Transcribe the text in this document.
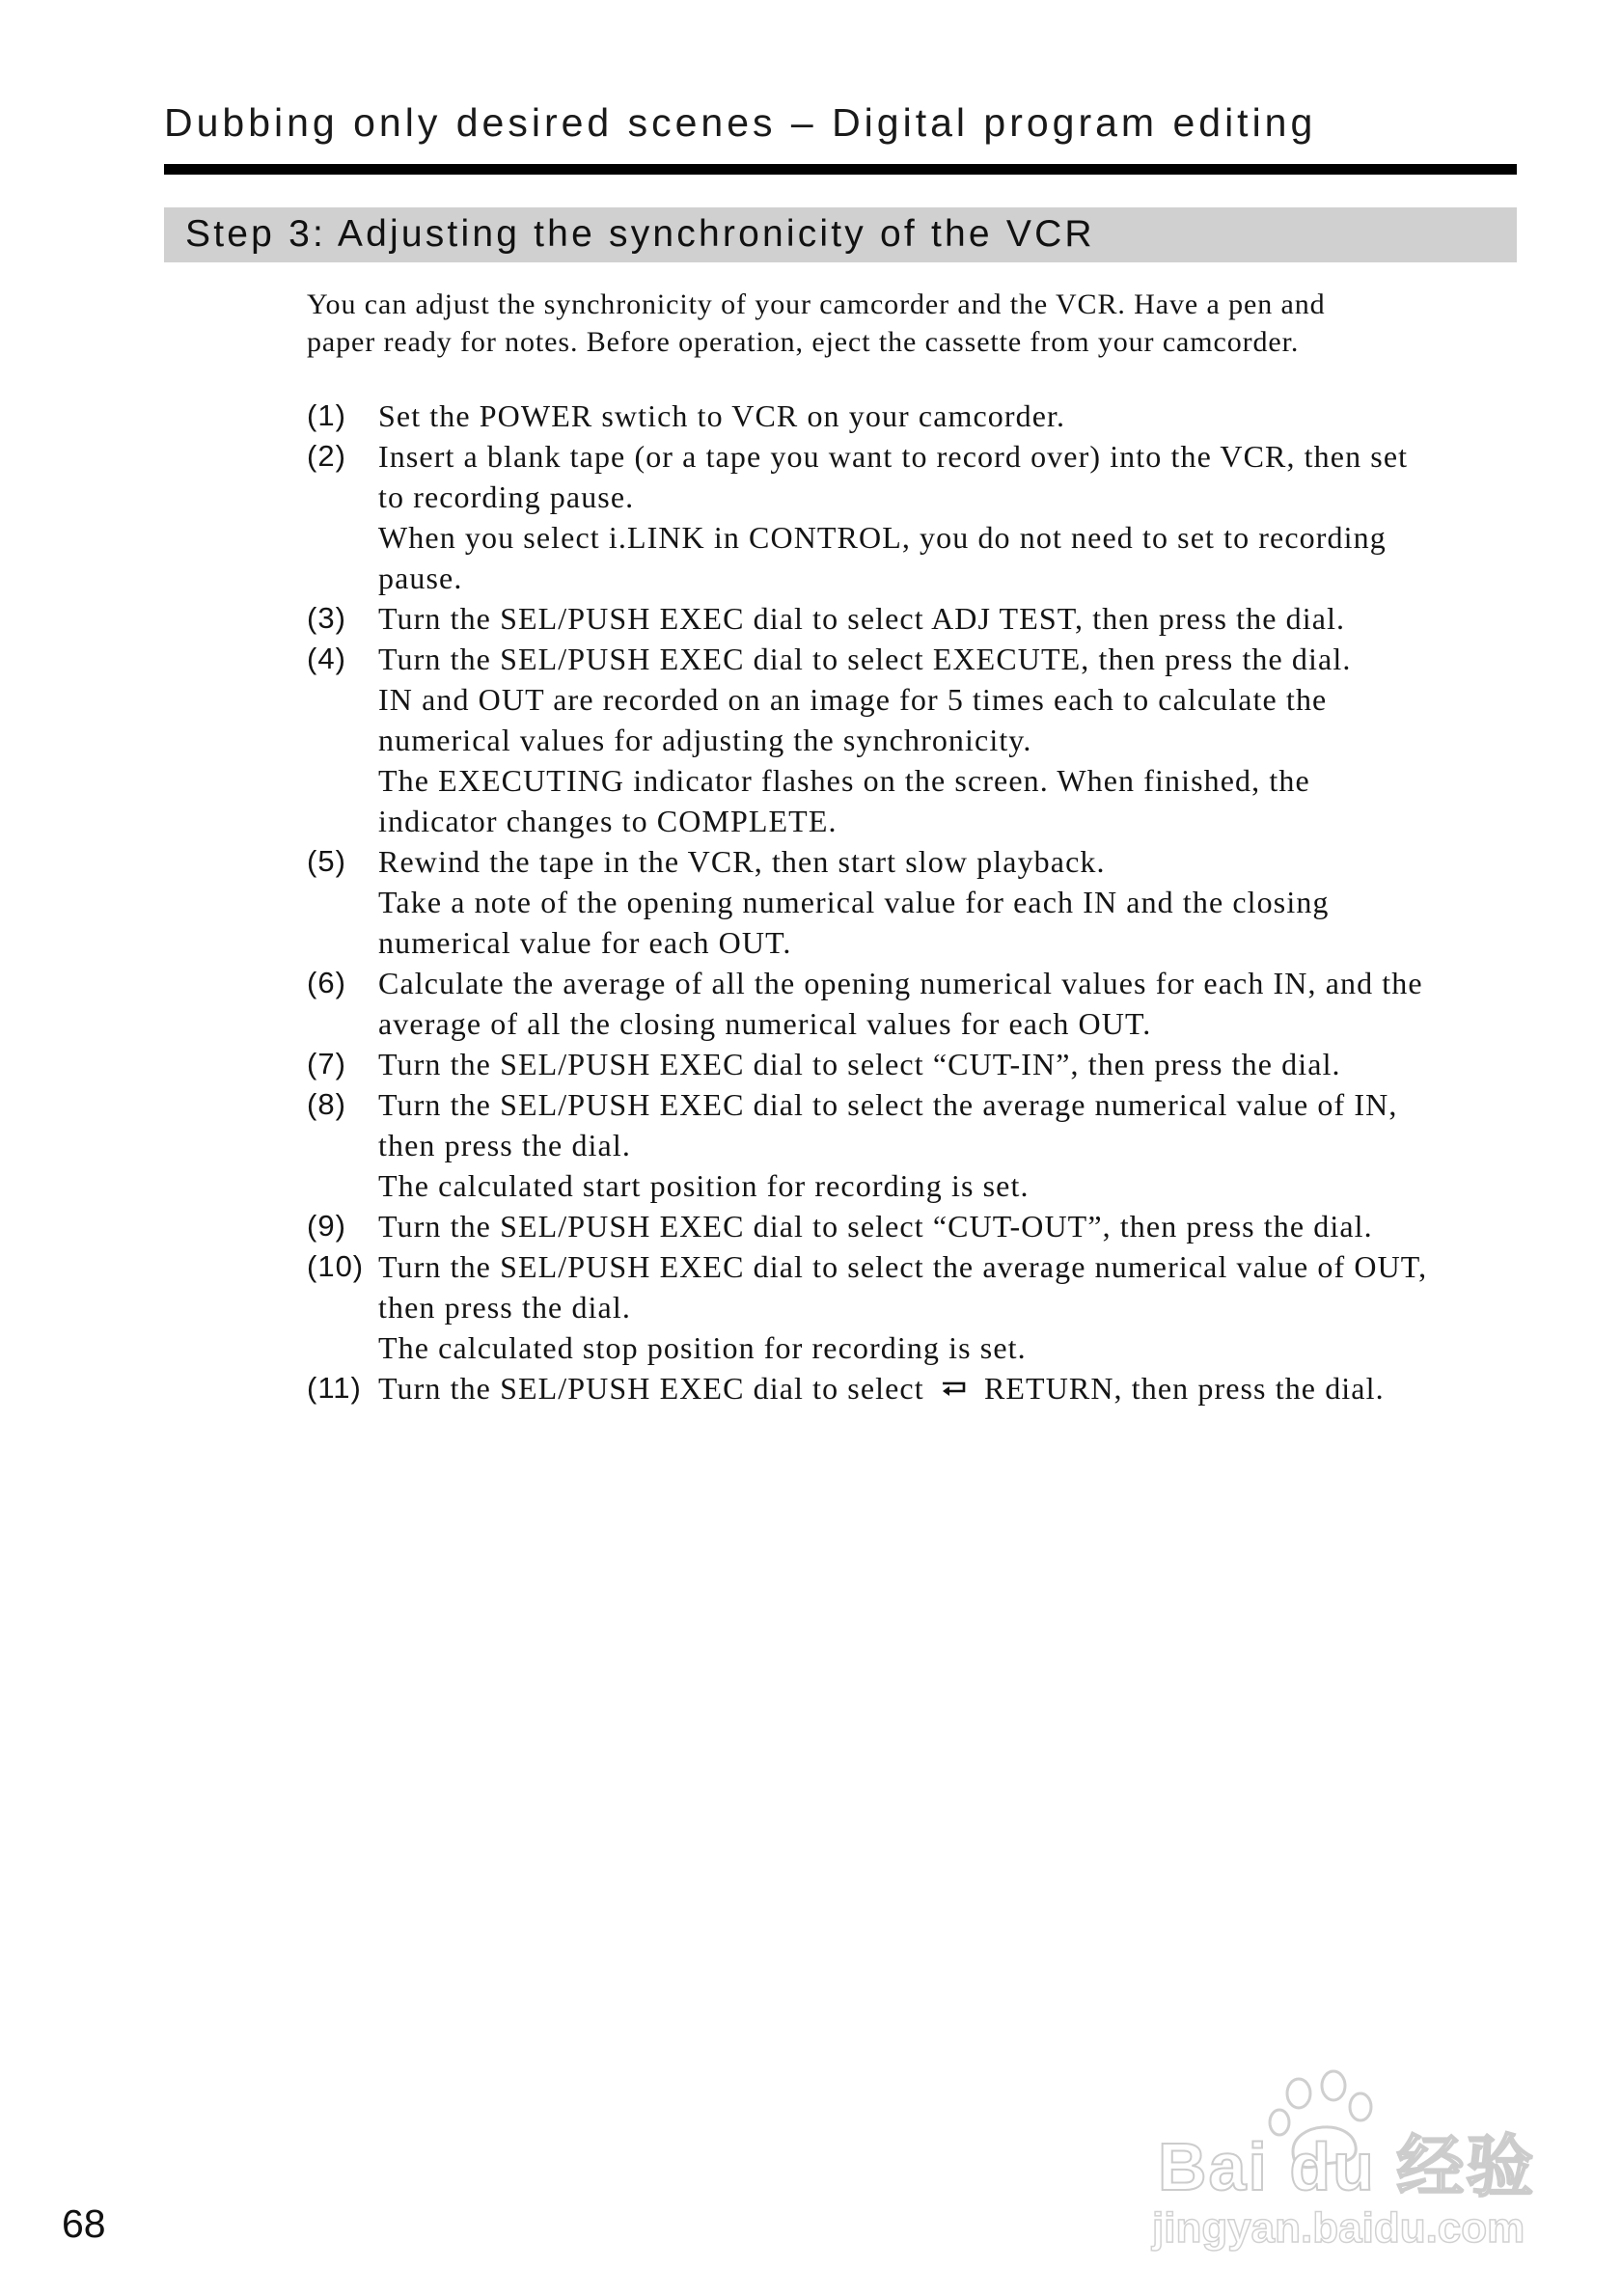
Dubbing only desired scenes – Digital program editing
Step 3: Adjusting the synchronicity of the VCR
You can adjust the synchronicity of your camcorder and the VCR. Have a pen and
paper ready for notes. Before operation, eject the cassette from your camcorder.
(1) Set the POWER swtich to VCR on your camcorder.
(2) Insert a blank tape (or a tape you want to record over) into the VCR, then set
to recording pause.
When you select i.LINK in CONTROL, you do not need to set to recording
pause.
(3) Turn the SEL/PUSH EXEC dial to select ADJ TEST, then press the dial.
(4) Turn the SEL/PUSH EXEC dial to select EXECUTE, then press the dial.
IN and OUT are recorded on an image for 5 times each to calculate the
numerical values for adjusting the synchronicity.
The EXECUTING indicator flashes on the screen. When finished, the
indicator changes to COMPLETE.
(5) Rewind the tape in the VCR, then start slow playback.
Take a note of the opening numerical value for each IN and the closing
numerical value for each OUT.
(6) Calculate the average of all the opening numerical values for each IN, and the
average of all the closing numerical values for each OUT.
(7) Turn the SEL/PUSH EXEC dial to select “CUT-IN”, then press the dial.
(8) Turn the SEL/PUSH EXEC dial to select the average numerical value of IN,
then press the dial.
The calculated start position for recording is set.
(9) Turn the SEL/PUSH EXEC dial to select “CUT-OUT”, then press the dial.
(10) Turn the SEL/PUSH EXEC dial to select the average numerical value of OUT,
then press the dial.
The calculated stop position for recording is set.
(11) Turn the SEL/PUSH EXEC dial to select RETURN, then press the dial.
Bai du 经验
jingyan.baidu.com
68
